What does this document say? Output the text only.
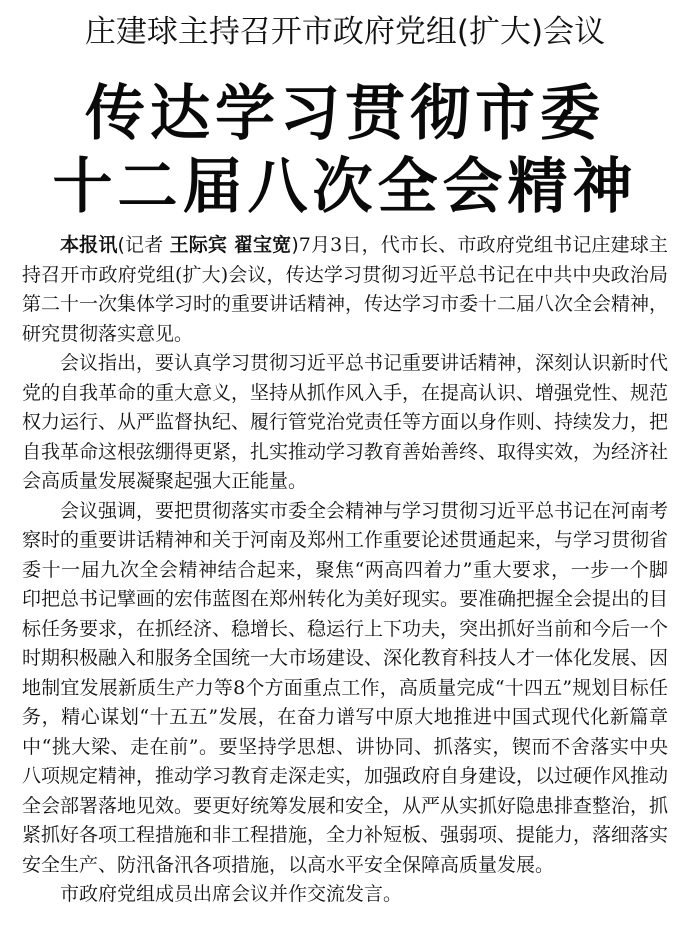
庄建球主持召开市政府党组(扩大)会议
传达学习贯彻市委
十二届八次全会精神

本报讯(记者 王际宾 翟宝宽)7月3日，代市长、市政府党组书记庄建球主持召开市政府党组(扩大)会议，传达学习贯彻习近平总书记在中共中央政治局第二十一次集体学习时的重要讲话精神，传达学习市委十二届八次全会精神，研究贯彻落实意见。

会议指出，要认真学习贯彻习近平总书记重要讲话精神，深刻认识新时代党的自我革命的重大意义，坚持从抓作风入手，在提高认识、增强党性、规范权力运行、从严监督执纪、履行管党治党责任等方面以身作则、持续发力，把自我革命这根弦绷得更紧，扎实推动学习教育善始善终、取得实效，为经济社会高质量发展凝聚起强大正能量。

会议强调，要把贯彻落实市委全会精神与学习贯彻习近平总书记在河南考察时的重要讲话精神和关于河南及郑州工作重要论述贯通起来，与学习贯彻省委十一届九次全会精神结合起来，聚焦“两高四着力”重大要求，一步一个脚印把总书记擘画的宏伟蓝图在郑州转化为美好现实。要准确把握全会提出的目标任务要求，在抓经济、稳增长、稳运行上下功夫，突出抓好当前和今后一个时期积极融入和服务全国统一大市场建设、深化教育科技人才一体化发展、因地制宜发展新质生产力等8个方面重点工作，高质量完成“十四五”规划目标任务，精心谋划“十五五”发展，在奋力谱写中原大地推进中国式现代化新篇章中“挑大梁、走在前”。要坚持学思想、讲协同、抓落实，锲而不舍落实中央八项规定精神，推动学习教育走深走实，加强政府自身建设，以过硬作风推动全会部署落地见效。要更好统筹发展和安全，从严从实抓好隐患排查整治，抓紧抓好各项工程措施和非工程措施，全力补短板、强弱项、提能力，落细落实安全生产、防汛备汛各项措施，以高水平安全保障高质量发展。

市政府党组成员出席会议并作交流发言。
